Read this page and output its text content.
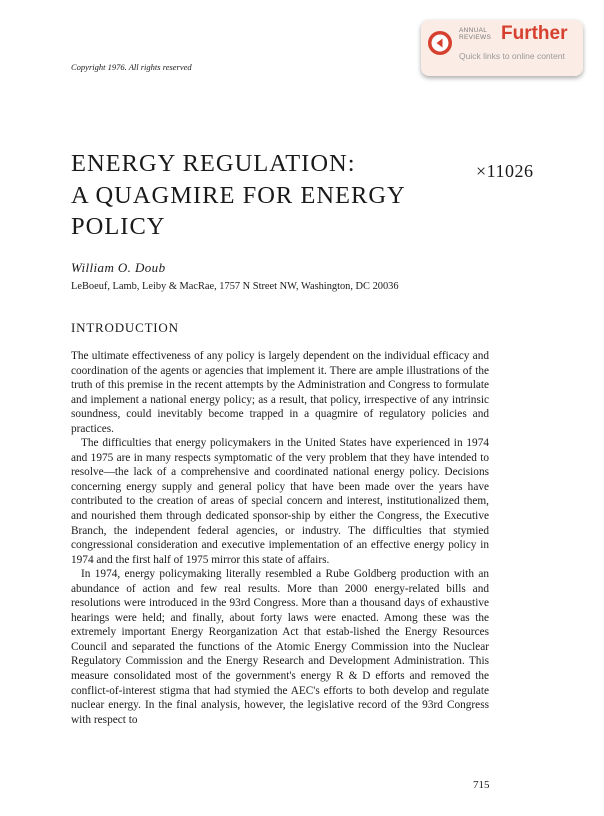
ANNUAL
REVIEWS Further
Quick links to online content
Copyright 1976. All rights reserved
ENERGY REGULATION:
A QUAGMIRE FOR ENERGY
POLICY
×11026
William O. Doub
LeBoeuf, Lamb, Leiby & MacRae, 1757 N Street NW, Washington, DC 20036
INTRODUCTION

The ultimate effectiveness of any policy is largely dependent on the individual efficacy and coordination of the agents or agencies that implement it. There are ample illustrations of the truth of this premise in the recent attempts by the Administration and Congress to formulate and implement a national energy policy; as a result, that policy, irrespective of any intrinsic soundness, could inevitably become trapped in a quagmire of regulatory policies and practices.

The difficulties that energy policymakers in the United States have experienced in 1974 and 1975 are in many respects symptomatic of the very problem that they have intended to resolve—the lack of a comprehensive and coordinated national energy policy. Decisions concerning energy supply and general policy that have been made over the years have contributed to the creation of areas of special concern and interest, institutionalized them, and nourished them through dedicated sponsor-ship by either the Congress, the Executive Branch, the independent federal agencies, or industry. The difficulties that stymied congressional consideration and executive implementation of an effective energy policy in 1974 and the first half of 1975 mirror this state of affairs.

In 1974, energy policymaking literally resembled a Rube Goldberg production with an abundance of action and few real results. More than 2000 energy-related bills and resolutions were introduced in the 93rd Congress. More than a thousand days of exhaustive hearings were held; and finally, about forty laws were enacted. Among these was the extremely important Energy Reorganization Act that estab-lished the Energy Resources Council and separated the functions of the Atomic Energy Commission into the Nuclear Regulatory Commission and the Energy Research and Development Administration. This measure consolidated most of the government's energy R & D efforts and removed the conflict-of-interest stigma that had stymied the AEC's efforts to both develop and regulate nuclear energy. In the final analysis, however, the legislative record of the 93rd Congress with respect to

715
